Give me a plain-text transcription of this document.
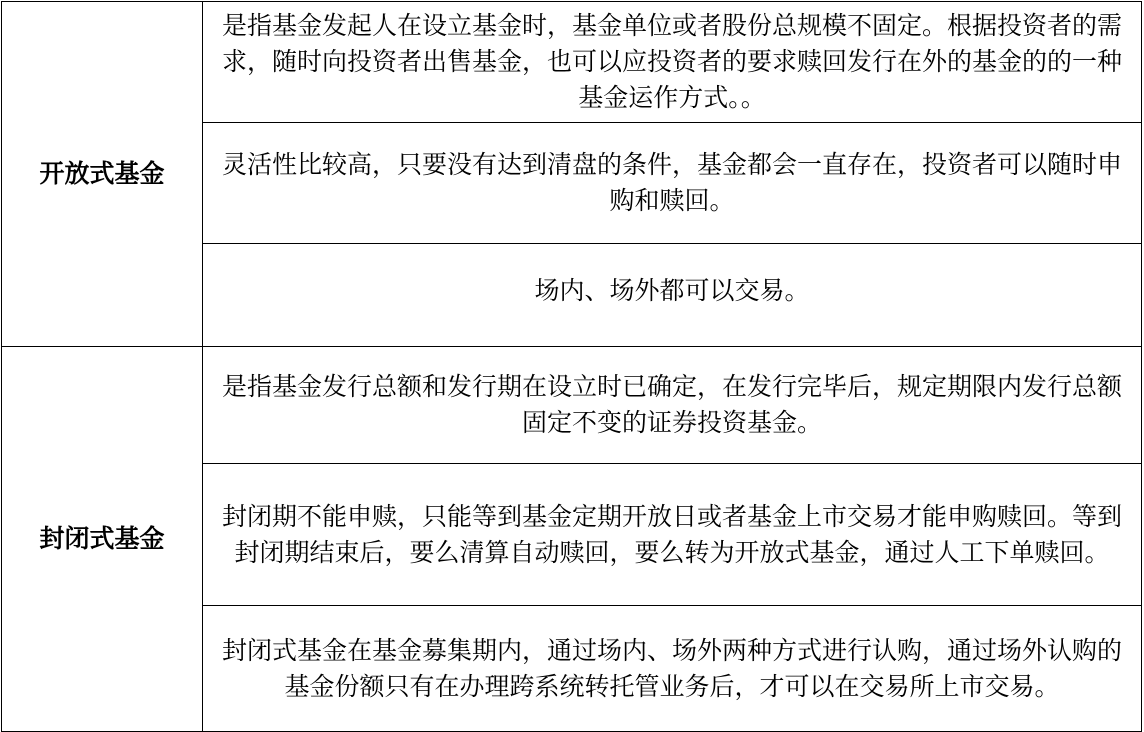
开放式基金	是指基金发起人在设立基金时，基金单位或者股份总规模不固定。根据投资者的需求，随时向投资者出售基金，也可以应投资者的要求赎回发行在外的基金的的一种基金运作方式。。

	灵活性比较高，只要没有达到清盘的条件，基金都会一直存在，投资者可以随时申购和赎回。

	场内、场外都可以交易。

封闭式基金	是指基金发行总额和发行期在设立时已确定，在发行完毕后，规定期限内发行总额固定不变的证券投资基金。

	封闭期不能申赎，只能等到基金定期开放日或者基金上市交易才能申购赎回。等到封闭期结束后，要么清算自动赎回，要么转为开放式基金，通过人工下单赎回。

	封闭式基金在基金募集期内，通过场内、场外两种方式进行认购，通过场外认购的基金份额只有在办理跨系统转托管业务后，才可以在交易所上市交易。
